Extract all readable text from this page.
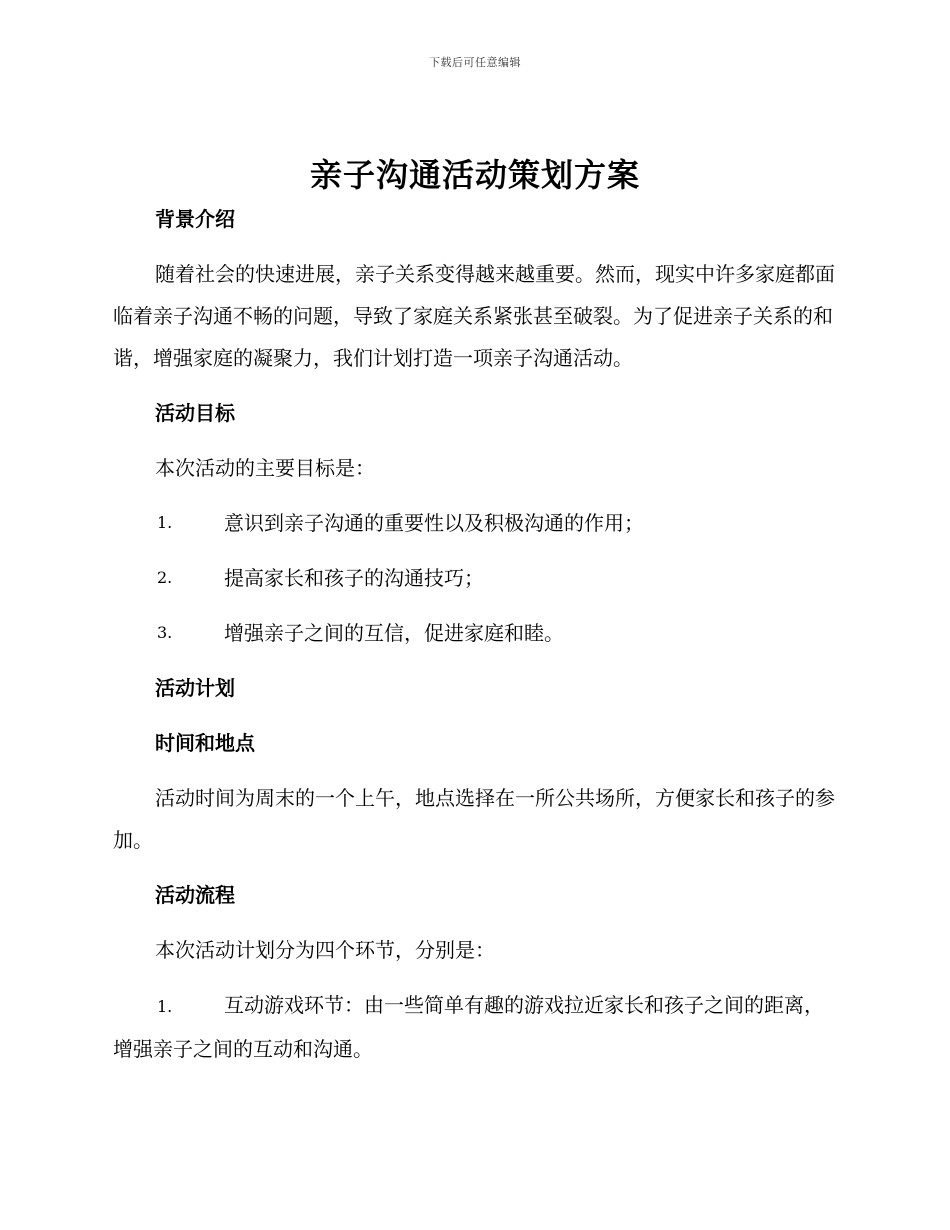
下载后可任意编辑
亲子沟通活动策划方案
背景介绍
随着社会的快速进展，亲子关系变得越来越重要。然而，现实中许多家庭都面临着亲子沟通不畅的问题，导致了家庭关系紧张甚至破裂。为了促进亲子关系的和谐，增强家庭的凝聚力，我们计划打造一项亲子沟通活动。
活动目标
本次活动的主要目标是：
1.	意识到亲子沟通的重要性以及积极沟通的作用；
2.	提高家长和孩子的沟通技巧；
3.	增强亲子之间的互信，促进家庭和睦。
活动计划
时间和地点
活动时间为周末的一个上午，地点选择在一所公共场所，方便家长和孩子的参加。
活动流程
本次活动计划分为四个环节，分别是：
1.	互动游戏环节：由一些简单有趣的游戏拉近家长和孩子之间的距离，增强亲子之间的互动和沟通。
